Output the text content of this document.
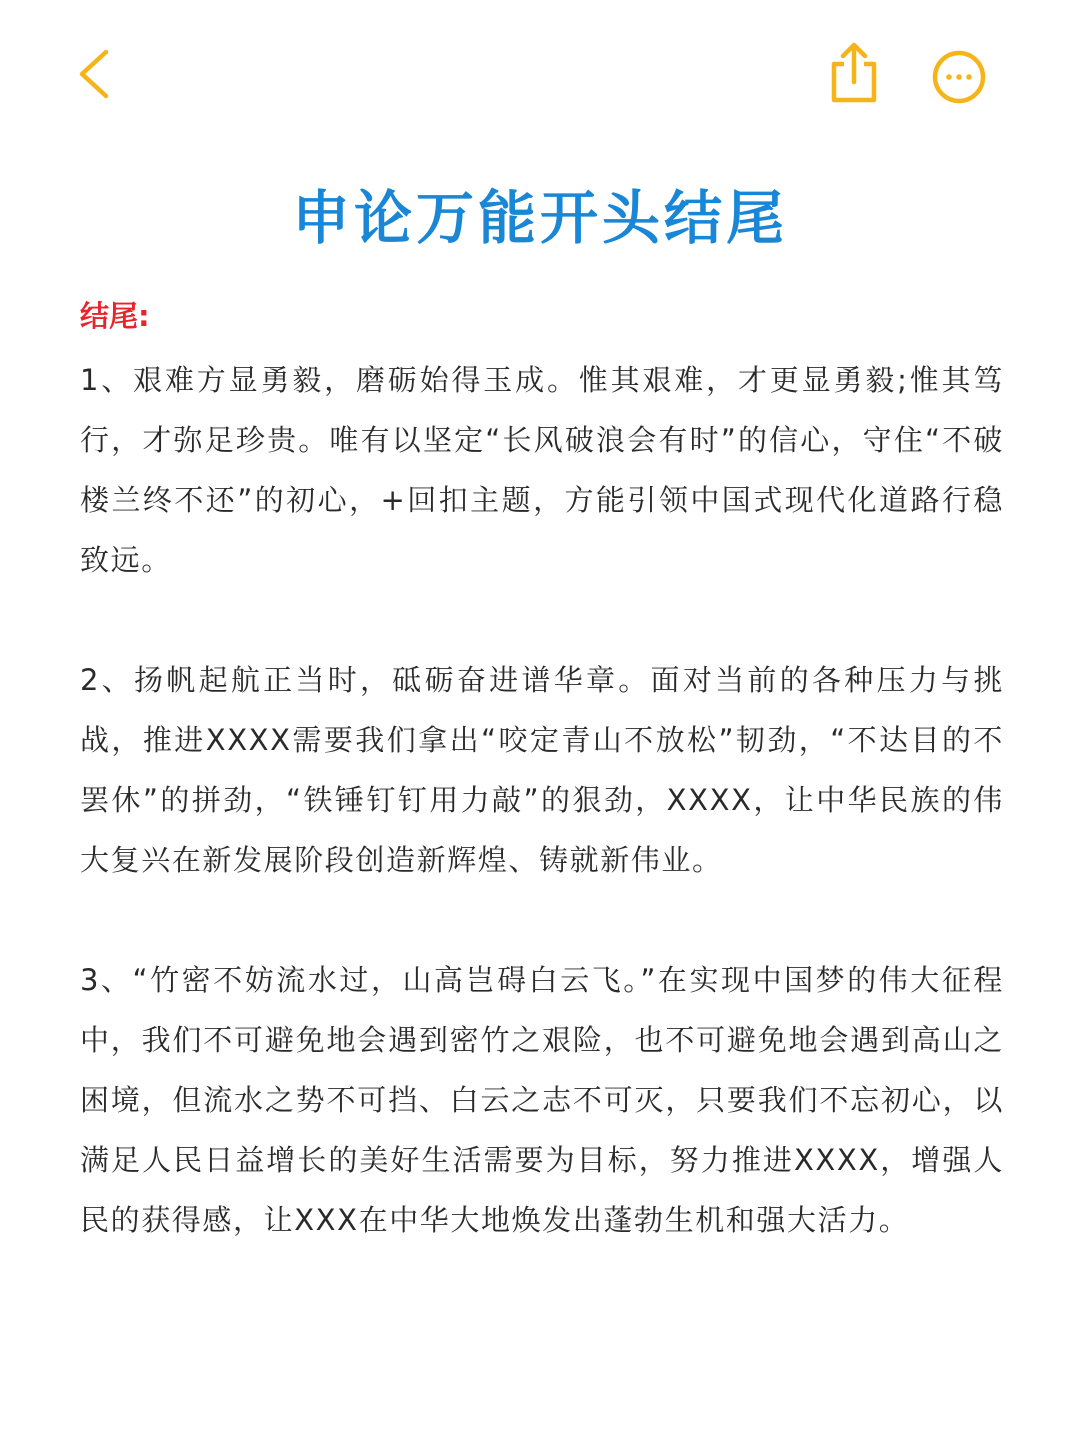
申论万能开头结尾
结尾:

1、艰难方显勇毅，磨砺始得玉成。惟其艰难，才更显勇毅;惟其笃行，才弥足珍贵。唯有以坚定“长风破浪会有时”的信心，守住“不破楼兰终不还”的初心，+回扣主题，方能引领中国式现代化道路行稳致远。

2、扬帆起航正当时，砥砺奋进谱华章。面对当前的各种压力与挑战，推进XXXX需要我们拿出“咬定青山不放松”韧劲，“不达目的不罢休”的拼劲，“铁锤钉钉用力敲”的狠劲，XXXX，让中华民族的伟大复兴在新发展阶段创造新辉煌、铸就新伟业。

3、“竹密不妨流水过，山高岂碍白云飞。”在实现中国梦的伟大征程中，我们不可避免地会遇到密竹之艰险，也不可避免地会遇到高山之困境，但流水之势不可挡、白云之志不可灭，只要我们不忘初心，以满足人民日益增长的美好生活需要为目标，努力推进XXXX，增强人民的获得感，让XXX在中华大地焕发出蓬勃生机和强大活力。
